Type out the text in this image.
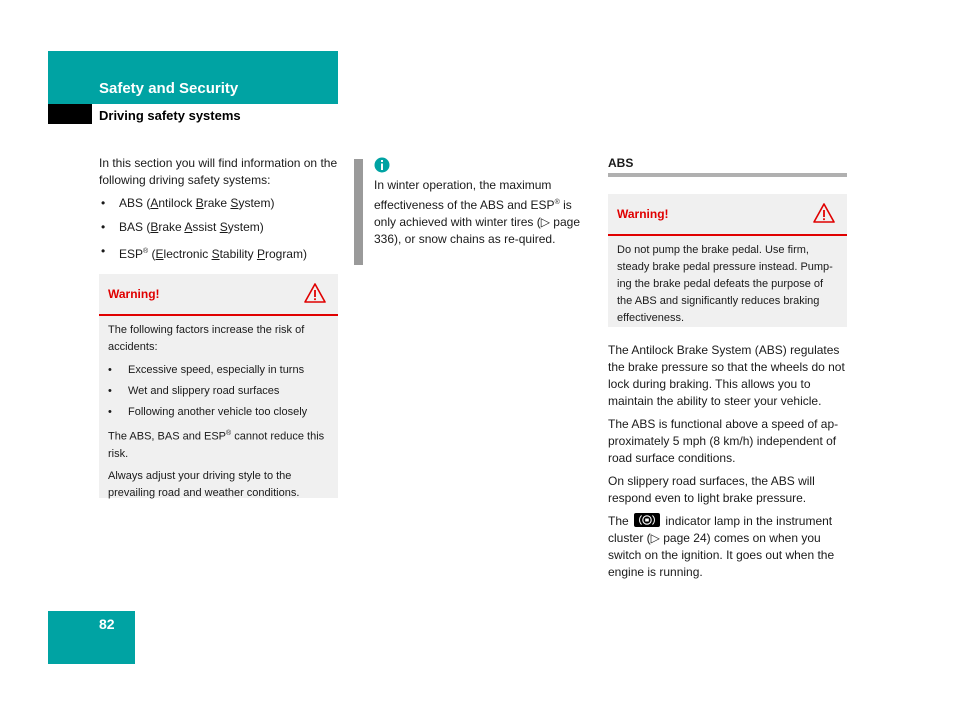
Safety and Security
Driving safety systems

In this section you will find information on the following driving safety systems:

• ABS (Antilock Brake System)
• BAS (Brake Assist System)
• ESP® (Electronic Stability Program)
Warning!

The following factors increase the risk of accidents:

• Excessive speed, especially in turns
• Wet and slippery road surfaces
• Following another vehicle too closely

The ABS, BAS and ESP® cannot reduce this risk.

Always adjust your driving style to the prevailing road and weather conditions.

In winter operation, the maximum effectiveness of the ABS and ESP® is only achieved with winter tires (▷ page 336), or snow chains as re-quired.

ABS
Warning!

Do not pump the brake pedal. Use firm, steady brake pedal pressure instead. Pump-ing the brake pedal defeats the purpose of the ABS and significantly reduces braking effectiveness.

The Antilock Brake System (ABS) regulates the brake pressure so that the wheels do not lock during braking. This allows you to maintain the ability to steer your vehicle.

The ABS is functional above a speed of ap-proximately 5 mph (8 km/h) independent of road surface conditions.

On slippery road surfaces, the ABS will respond even to light brake pressure.

The	indicator lamp in the instrument cluster (▷ page 24) comes on when you switch on the ignition. It goes out when the engine is running.

82
